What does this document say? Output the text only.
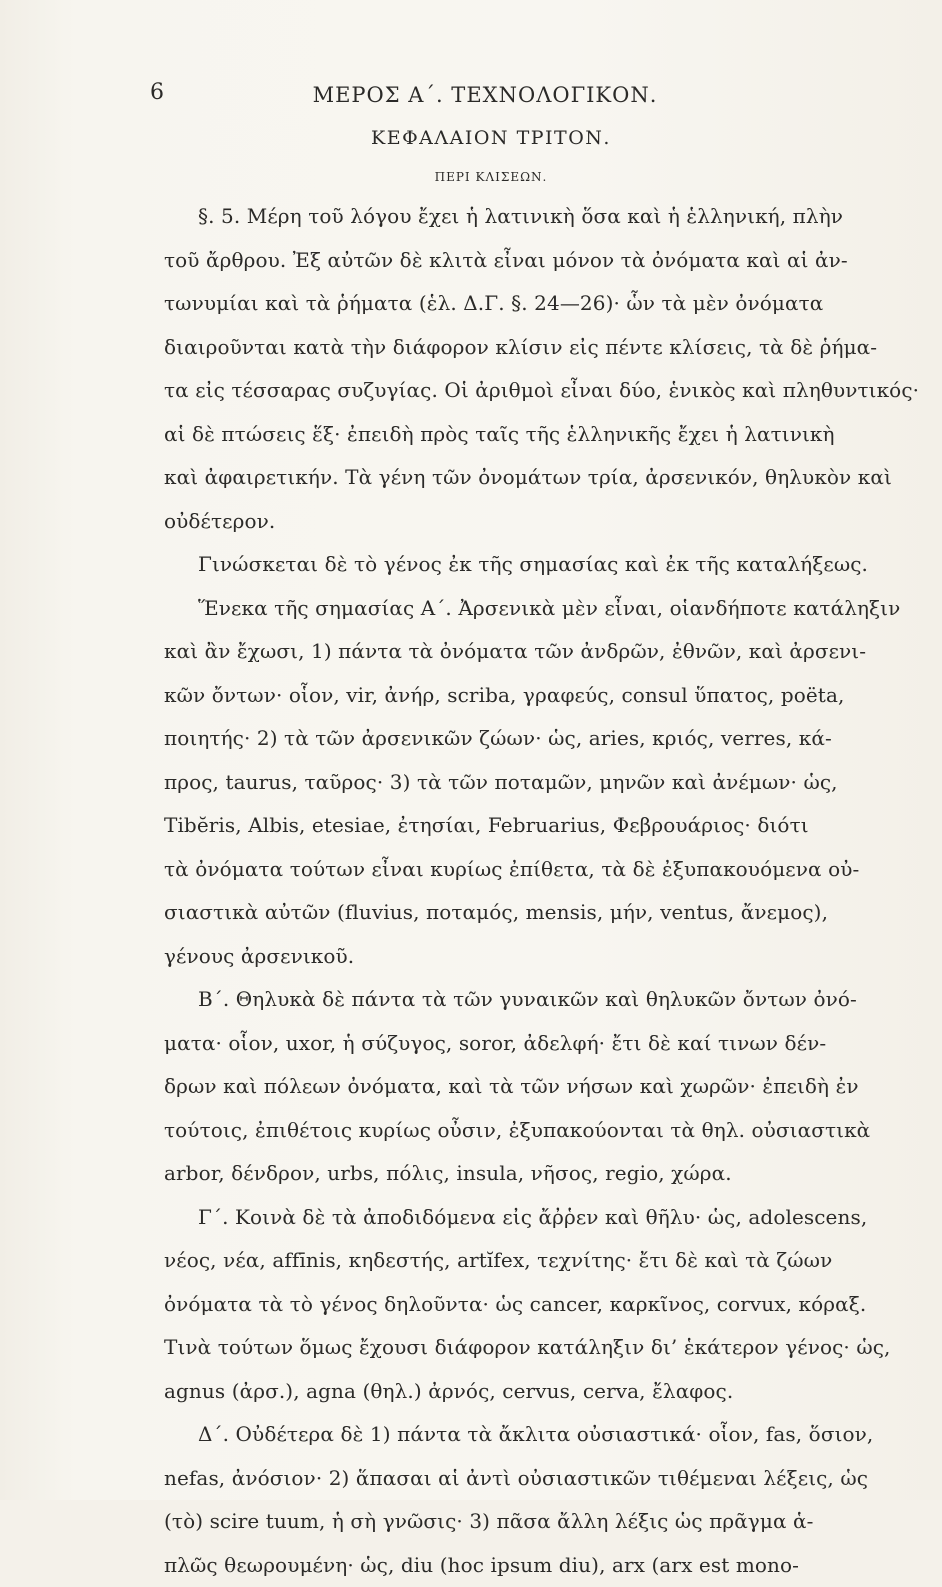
6	ΜΕΡΟΣ Α΄. ΤΕΧΝΟΛΟΓΙΚΟΝ.
ΚΕΦΑΛΑΙΟΝ ΤΡΙΤΟΝ.
ΠΕΡΙ ΚΛΙΣΕΩΝ.
§. 5. Μέρη τοῦ λόγου ἔχει ἡ λατινικὴ ὅσα καὶ ἡ ἑλληνική, πλὴν
τοῦ ἄρθρου. Ἐξ αὐτῶν δὲ κλιτὰ εἶναι μόνον τὰ ὀνόματα καὶ αἱ ἀν-
τωνυμίαι καὶ τὰ ῥήματα (ἑλ. Δ.Γ. §. 24—26)· ὧν τὰ μὲν ὀνόματα
διαιροῦνται κατὰ τὴν διάφορον κλίσιν εἰς πέντε κλίσεις, τὰ δὲ ῥήμα-
τα εἰς τέσσαρας συζυγίας. Οἱ ἀριθμοὶ εἶναι δύο, ἑνικὸς καὶ πληθυντικός·
αἱ δὲ πτώσεις ἕξ· ἐπειδὴ πρὸς ταῖς τῆς ἑλληνικῆς ἔχει ἡ λατινικὴ
καὶ ἀφαιρετικήν. Τὰ γένη τῶν ὀνομάτων τρία, ἀρσενικόν, θηλυκὸν καὶ
οὐδέτερον.
Γινώσκεται δὲ τὸ γένος ἐκ τῆς σημασίας καὶ ἐκ τῆς καταλήξεως.
Ἕνεκα τῆς σημασίας Α΄. Ἀρσενικὰ μὲν εἶναι, οἱανδήποτε κατάληξιν
καὶ ἂν ἔχωσι, 1) πάντα τὰ ὀνόματα τῶν ἀνδρῶν, ἐθνῶν, καὶ ἀρσενι-
κῶν ὄντων· οἷον, vir, ἀνήρ, scriba, γραφεύς, consul ὕπατος, poëta,
ποιητής· 2) τὰ τῶν ἀρσενικῶν ζώων· ὡς, aries, κριός, verres, κά-
προς, taurus, ταῦρος· 3) τὰ τῶν ποταμῶν, μηνῶν καὶ ἀνέμων· ὡς,
Tibĕris, Albis, etesiae, ἐτησίαι, Februarius, Φεβρουάριος· διότι
τὰ ὀνόματα τούτων εἶναι κυρίως ἐπίθετα, τὰ δὲ ἐξυπακουόμενα οὐ-
σιαστικὰ αὐτῶν (fluvius, ποταμός, mensis, μήν, ventus, ἄνεμος),
γένους ἀρσενικοῦ.
Β΄. Θηλυκὰ δὲ πάντα τὰ τῶν γυναικῶν καὶ θηλυκῶν ὄντων ὀνό-
ματα· οἷον, uxor, ἡ σύζυγος, soror, ἀδελφή· ἔτι δὲ καί τινων δέν-
δρων καὶ πόλεων ὀνόματα, καὶ τὰ τῶν νήσων καὶ χωρῶν· ἐπειδὴ ἐν
τούτοις, ἐπιθέτοις κυρίως οὖσιν, ἐξυπακούονται τὰ θηλ. οὐσιαστικὰ
arbor, δένδρον, urbs, πόλις, insula, νῆσος, regio, χώρα.
Γ΄. Κοινὰ δὲ τὰ ἀποδιδόμενα εἰς ἄῤῥεν καὶ θῆλυ· ὡς, adolescens,
νέος, νέα, affīnis, κηδεστής, artĭfex, τεχνίτης· ἔτι δὲ καὶ τὰ ζώων
ὀνόματα τὰ τὸ γένος δηλοῦντα· ὡς cancer, καρκῖνος, corvux, κόραξ.
Τινὰ τούτων ὅμως ἔχουσι διάφορον κατάληξιν δι’ ἑκάτερον γένος· ὡς,
agnus (ἀρσ.), agna (θηλ.) ἀρνός, cervus, cerva, ἔλαφος.
Δ΄. Οὐδέτερα δὲ 1) πάντα τὰ ἄκλιτα οὐσιαστικά· οἷον, fas, ὅσιον,
nefas, ἀνόσιον· 2) ἅπασαι αἱ ἀντὶ οὐσιαστικῶν τιθέμεναι λέξεις, ὡς
(τὸ) scire tuum, ἡ σὴ γνῶσις· 3) πᾶσα ἄλλη λέξις ὡς πρᾶγμα ἁ-
πλῶς θεωρουμένη· ὡς, diu (hoc ipsum diu), arx (arx est mono-
